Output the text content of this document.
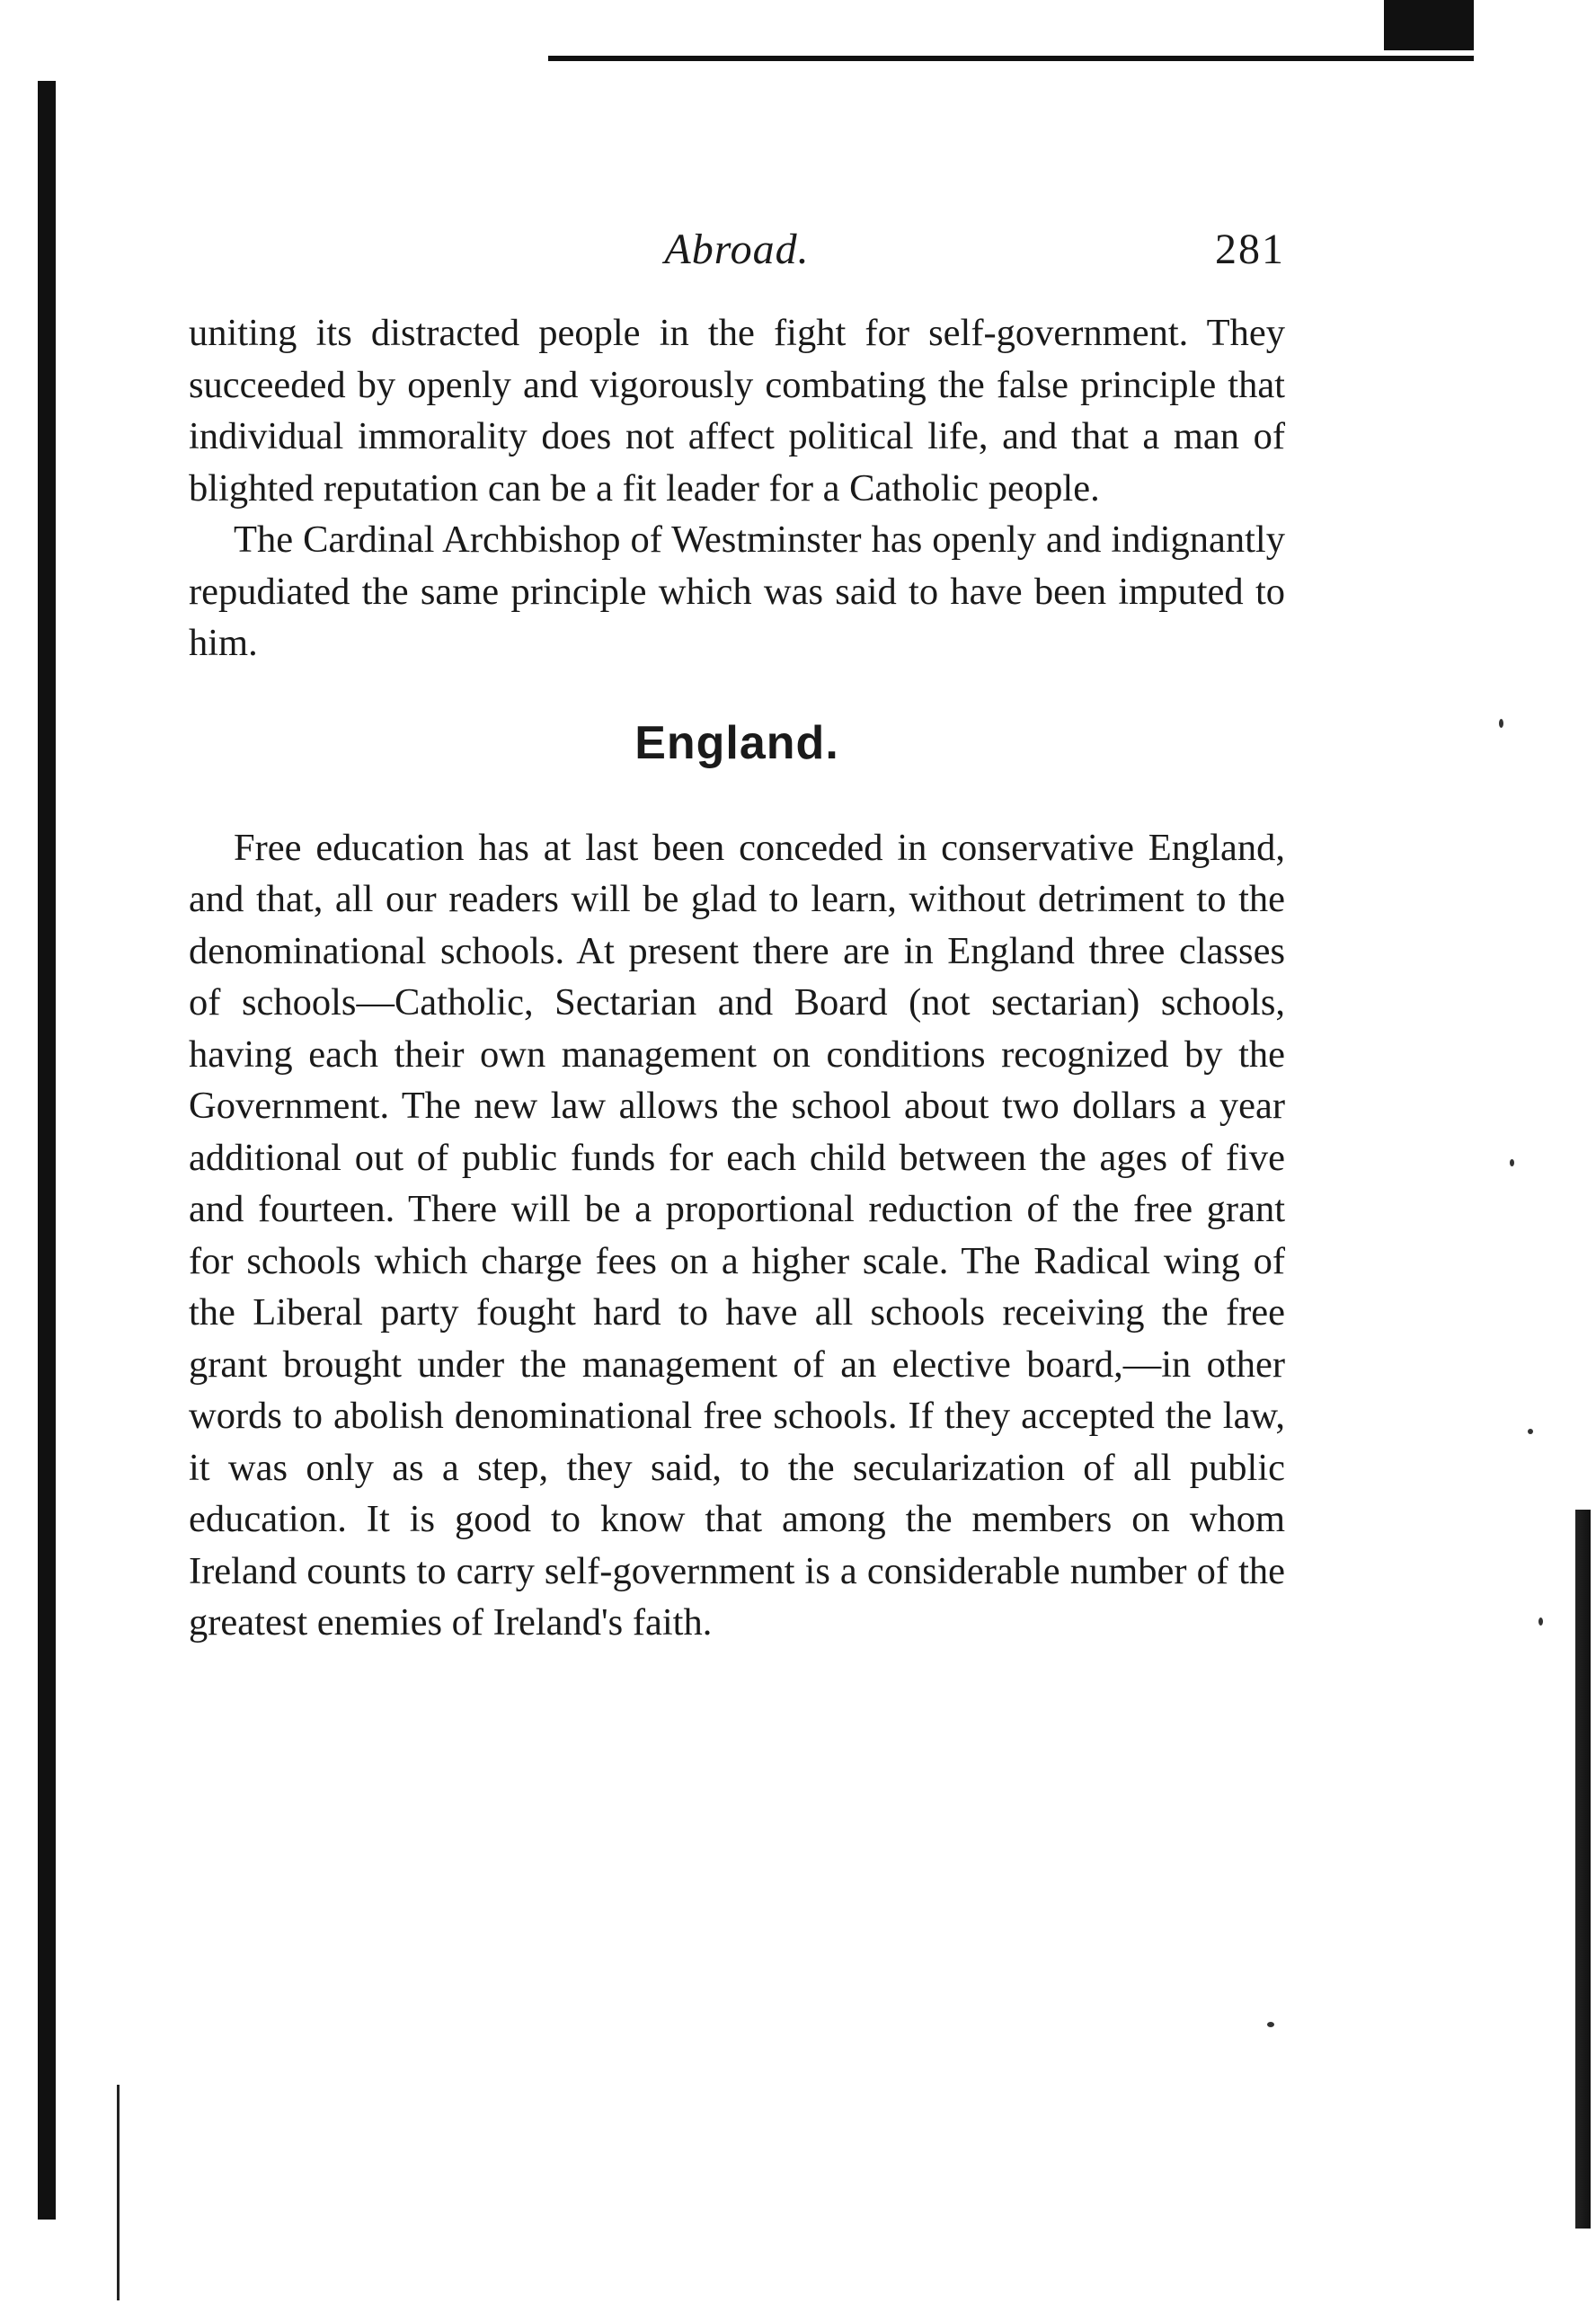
Abroad.	281

uniting its distracted people in the fight for self-government. They succeeded by openly and vigorously combating the false principle that individual immorality does not affect political life, and that a man of blighted reputation can be a fit leader for a Catholic people.

The Cardinal Archbishop of Westminster has openly and indignantly repudiated the same principle which was said to have been imputed to him.

England.

Free education has at last been conceded in conservative England, and that, all our readers will be glad to learn, without detriment to the denominational schools. At present there are in England three classes of schools—Catholic, Sectarian and Board (not sectarian) schools, having each their own management on conditions recognized by the Government. The new law allows the school about two dollars a year additional out of public funds for each child between the ages of five and fourteen. There will be a proportional reduction of the free grant for schools which charge fees on a higher scale. The Radical wing of the Liberal party fought hard to have all schools receiving the free grant brought under the management of an elective board,—in other words to abolish denominational free schools. If they accepted the law, it was only as a step, they said, to the secularization of all public education. It is good to know that among the members on whom Ireland counts to carry self-government is a considerable number of the greatest enemies of Ireland's faith.
